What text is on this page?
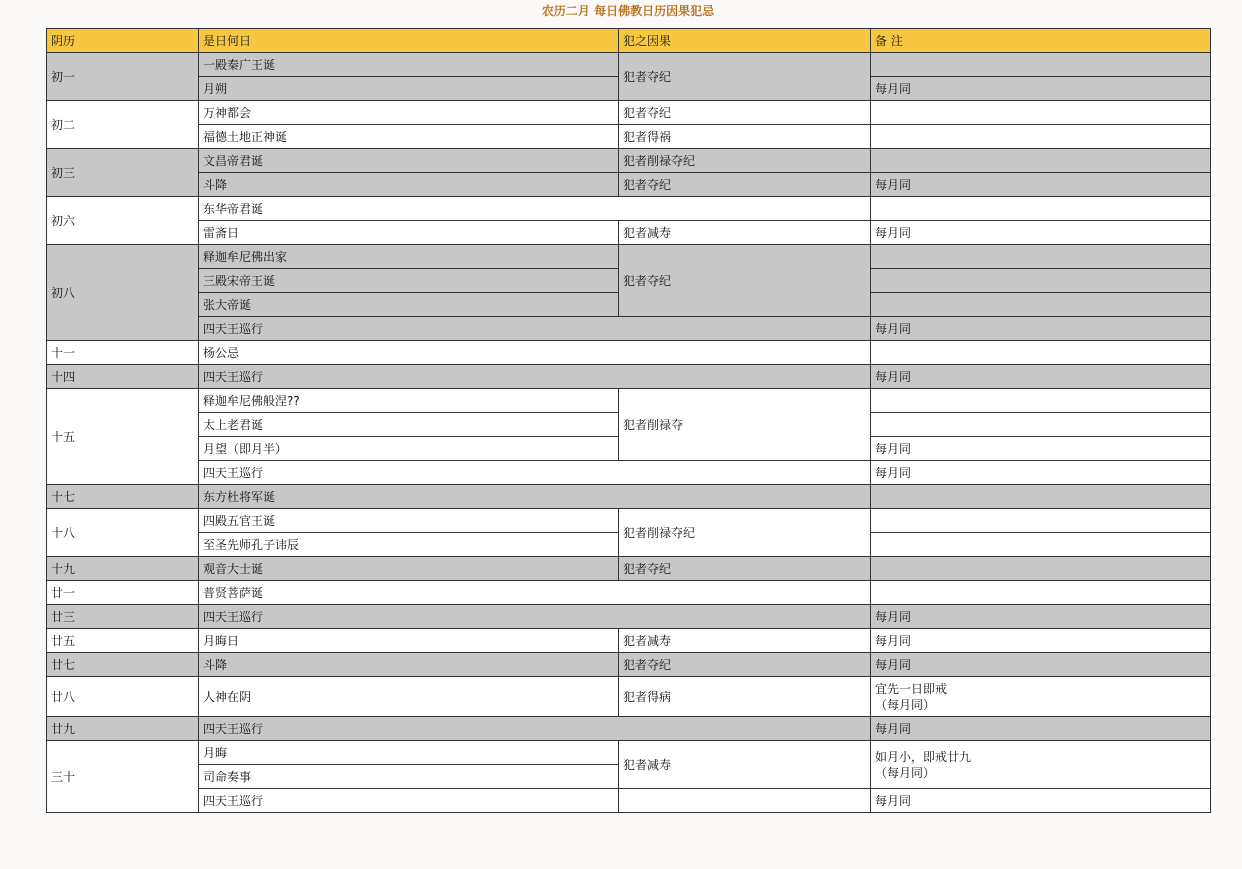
农历二月 每日佛教日历因果犯忌
阴历	是日何日	犯之因果	备 注
初一	一殿秦广王诞	犯者夺纪	
	月朔		每月同
初二	万神都会	犯者夺纪	
	福德土地正神诞	犯者得祸	
初三	文昌帝君诞	犯者削禄夺纪	
	斗降	犯者夺纪	每月同
初六	东华帝君诞		
	雷斋日	犯者减寿	每月同
初八	释迦牟尼佛出家	犯者夺纪	
	三殿宋帝王诞		
	张大帝诞		
	四天王巡行		每月同
十一	杨公忌		
十四	四天王巡行		每月同
十五	释迦牟尼佛般涅??	犯者削禄夺	
	太上老君诞		
	月望（即月半）		每月同
	四天王巡行		每月同
十七	东方杜将军诞		
十八	四殿五官王诞	犯者削禄夺纪	
	至圣先师孔子讳辰		
十九	观音大士诞	犯者夺纪	
廿一	普贤菩萨诞		
廿三	四天王巡行		每月同
廿五	月晦日	犯者减寿	每月同
廿七	斗降	犯者夺纪	每月同
廿八	人神在阴	犯者得病	宜先一日即戒
（每月同）
廿九	四天王巡行		每月同
三十	月晦	犯者减寿	如月小，即戒廿九
（每月同）
	司命奏事		
	四天王巡行		每月同
